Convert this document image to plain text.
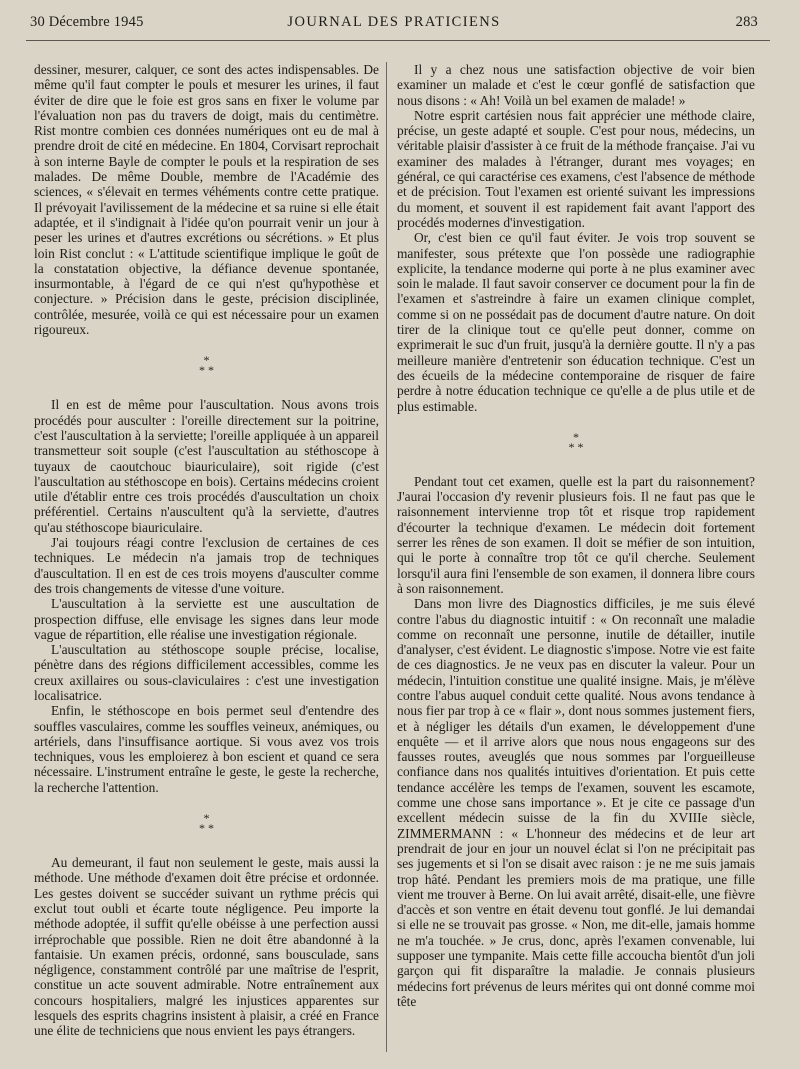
30 Décembre 1945	JOURNAL DES PRATICIENS	283

dessiner, mesurer, calquer, ce sont des actes indispensables. De même qu'il faut compter le pouls et mesurer les urines, il faut éviter de dire que le foie est gros sans en fixer le volume par l'évaluation non pas du travers de doigt, mais du centimètre. Rist montre combien ces données numériques ont eu de mal à prendre droit de cité en médecine. En 1804, Corvisart reprochait à son interne Bayle de compter le pouls et la respiration de ses malades. De même Double, membre de l'Académie des sciences, « s'élevait en termes véhéments contre cette pratique. Il prévoyait l'avilissement de la médecine et sa ruine si elle était adaptée, et il s'indignait à l'idée qu'on pourrait venir un jour à peser les urines et d'autres excrétions ou sécrétions. » Et plus loin Rist conclut : « L'attitude scientifique implique le goût de la constatation objective, la défiance devenue spontanée, insurmontable, à l'égard de ce qui n'est qu'hypothèse et conjecture. » Précision dans le geste, précision disciplinée, contrôlée, mesurée, voilà ce qui est nécessaire pour un examen rigoureux.

*
* *

Il en est de même pour l'auscultation. Nous avons trois procédés pour ausculter : l'oreille directement sur la poitrine, c'est l'auscultation à la serviette; l'oreille appliquée à un appareil transmetteur soit souple (c'est l'auscultation au stéthoscope à tuyaux de caoutchouc biauriculaire), soit rigide (c'est l'auscultation au stéthoscope en bois). Certains médecins croient utile d'établir entre ces trois procédés d'auscultation un choix préférentiel. Certains n'auscultent qu'à la serviette, d'autres qu'au stéthoscope biauriculaire.

J'ai toujours réagi contre l'exclusion de certaines de ces techniques. Le médecin n'a jamais trop de techniques d'auscultation. Il en est de ces trois moyens d'ausculter comme des trois changements de vitesse d'une voiture.

L'auscultation à la serviette est une auscultation de prospection diffuse, elle envisage les signes dans leur mode vague de répartition, elle réalise une investigation régionale.

L'auscultation au stéthoscope souple précise, localise, pénètre dans des régions difficilement accessibles, comme les creux axillaires ou sous-claviculaires : c'est une investigation localisatrice.

Enfin, le stéthoscope en bois permet seul d'entendre des souffles vasculaires, comme les souffles veineux, anémiques, ou artériels, dans l'insuffisance aortique. Si vous avez vos trois techniques, vous les emploierez à bon escient et quand ce sera nécessaire. L'instrument entraîne le geste, le geste la recherche, la recherche l'attention.

*
* *

Au demeurant, il faut non seulement le geste, mais aussi la méthode. Une méthode d'examen doit être précise et ordonnée. Les gestes doivent se succéder suivant un rythme précis qui exclut tout oubli et écarte toute négligence. Peu importe la méthode adoptée, il suffit qu'elle obéisse à une perfection aussi irréprochable que possible. Rien ne doit être abandonné à la fantaisie. Un examen précis, ordonné, sans bousculade, sans négligence, constamment contrôlé par une maîtrise de l'esprit, constitue un acte souvent admirable. Notre entraînement aux concours hospitaliers, malgré les injustices apparentes sur lesquels des esprits chagrins insistent à plaisir, a créé en France une élite de techniciens que nous envient les pays étrangers.

Il y a chez nous une satisfaction objective de voir bien examiner un malade et c'est le cœur gonflé de satisfaction que nous disons : « Ah! Voilà un bel examen de malade! »

Notre esprit cartésien nous fait apprécier une méthode claire, précise, un geste adapté et souple. C'est pour nous, médecins, un véritable plaisir d'assister à ce fruit de la méthode française. J'ai vu examiner des malades à l'étranger, durant mes voyages; en général, ce qui caractérise ces examens, c'est l'absence de méthode et de précision. Tout l'examen est orienté suivant les impressions du moment, et souvent il est rapidement fait avant l'apport des procédés modernes d'investigation.

Or, c'est bien ce qu'il faut éviter. Je vois trop souvent se manifester, sous prétexte que l'on possède une radiographie explicite, la tendance moderne qui porte à ne plus examiner avec soin le malade. Il faut savoir conserver ce document pour la fin de l'examen et s'astreindre à faire un examen clinique complet, comme si on ne possédait pas de document d'autre nature. On doit tirer de la clinique tout ce qu'elle peut donner, comme on exprimerait le suc d'un fruit, jusqu'à la dernière goutte. Il n'y a pas meilleure manière d'entretenir son éducation technique. C'est un des écueils de la médecine contemporaine de risquer de faire perdre à notre éducation technique ce qu'elle a de plus utile et de plus estimable.

*
* *

Pendant tout cet examen, quelle est la part du raisonnement? J'aurai l'occasion d'y revenir plusieurs fois. Il ne faut pas que le raisonnement intervienne trop tôt et risque trop rapidement d'écourter la technique d'examen. Le médecin doit fortement serrer les rênes de son examen. Il doit se méfier de son intuition, qui le porte à connaître trop tôt ce qu'il cherche. Seulement lorsqu'il aura fini l'ensemble de son examen, il donnera libre cours à son raisonnement.

Dans mon livre des Diagnostics difficiles, je me suis élevé contre l'abus du diagnostic intuitif : « On reconnaît une maladie comme on reconnaît une personne, inutile de détailler, inutile d'analyser, c'est évident. Le diagnostic s'impose. Notre vie est faite de ces diagnostics. Je ne veux pas en discuter la valeur. Pour un médecin, l'intuition constitue une qualité insigne. Mais, je m'élève contre l'abus auquel conduit cette qualité. Nous avons tendance à nous fier par trop à ce « flair », dont nous sommes justement fiers, et à négliger les détails d'un examen, le développement d'une enquête — et il arrive alors que nous nous engageons sur des fausses routes, aveuglés que nous sommes par l'orgueilleuse confiance dans nos qualités intuitives d'orientation. Et puis cette tendance accélère les temps de l'examen, souvent les escamote, comme une chose sans importance ». Et je cite ce passage d'un excellent médecin suisse de la fin du XVIIIe siècle, ZIMMERMANN : « L'honneur des médecins et de leur art prendrait de jour en jour un nouvel éclat si l'on ne précipitait pas ses jugements et si l'on se disait avec raison : je ne me suis jamais trop hâté. Pendant les premiers mois de ma pratique, une fille vient me trouver à Berne. On lui avait arrêté, disait-elle, une fièvre d'accès et son ventre en était devenu tout gonflé. Je lui demandai si elle ne se trouvait pas grosse. « Non, me dit-elle, jamais homme ne m'a touchée. » Je crus, donc, après l'examen convenable, lui supposer une tympanite. Mais cette fille accoucha bientôt d'un joli garçon qui fit disparaître la maladie. Je connais plusieurs médecins fort prévenus de leurs mérites qui ont donné comme moi tête
